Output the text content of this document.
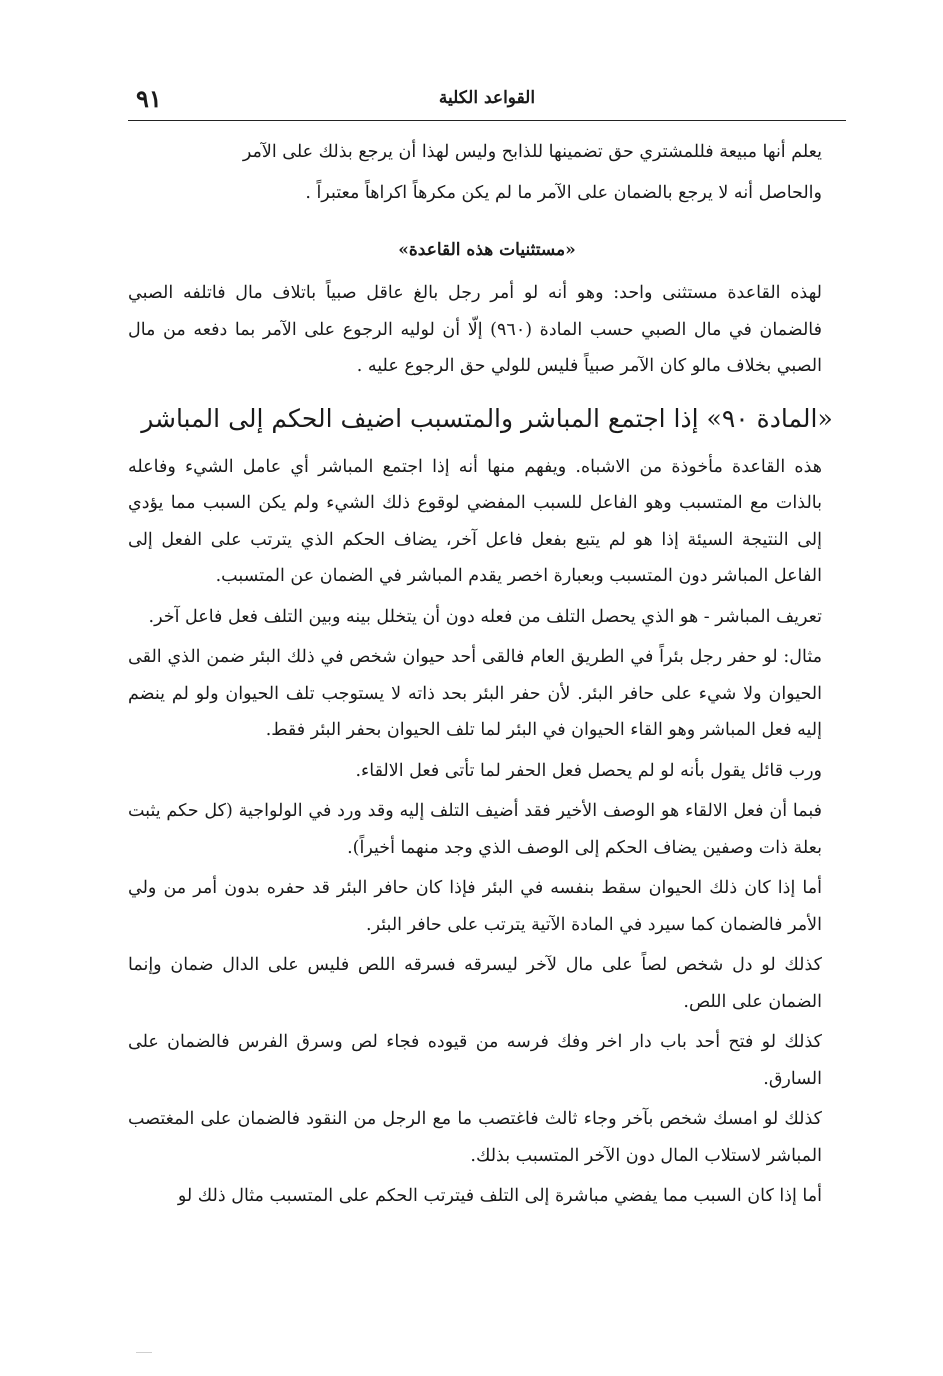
القواعد الكلية
٩١

يعلم أنها مبيعة فللمشتري حق تضمينها للذابح وليس لهذا أن يرجع بذلك على الآمر

والحاصل أنه لا يرجع بالضمان على الآمر ما لم يكن مكرهاً اكراهاً معتبراً .

«مستثنيات هذه القاعدة»

لهذه القاعدة مستثنى واحد: وهو أنه لو أمر رجل بالغ عاقل صبياً باتلاف مال فاتلفه الصبي فالضمان في مال الصبي حسب المادة (٩٦٠) إلّا أن لوليه الرجوع على الآمر بما دفعه من مال الصبي بخلاف مالو كان الآمر صبياً فليس للولي حق الرجوع عليه .

«المادة ٩٠» إذا اجتمع المباشر والمتسبب اضيف الحكم إلى المباشر

هذه القاعدة مأخوذة من الاشباه. ويفهم منها أنه إذا اجتمع المباشر أي عامل الشيء وفاعله بالذات مع المتسبب وهو الفاعل للسبب المفضي لوقوع ذلك الشيء ولم يكن السبب مما يؤدي إلى النتيجة السيئة إذا هو لم يتبع بفعل فاعل آخر، يضاف الحكم الذي يترتب على الفعل إلى الفاعل المباشر دون المتسبب وبعبارة اخصر يقدم المباشر في الضمان عن المتسبب.

تعريف المباشر - هو الذي يحصل التلف من فعله دون أن يتخلل بينه وبين التلف فعل فاعل آخر.

مثال: لو حفر رجل بئراً في الطريق العام فالقى أحد حيوان شخص في ذلك البئر ضمن الذي القى الحيوان ولا شيء على حافر البئر. لأن حفر البئر بحد ذاته لا يستوجب تلف الحيوان ولو لم ينضم إليه فعل المباشر وهو القاء الحيوان في البئر لما تلف الحيوان بحفر البئر فقط.

ورب قائل يقول بأنه لو لم يحصل فعل الحفر لما تأتى فعل الالقاء.

فبما أن فعل الالقاء هو الوصف الأخير فقد أضيف التلف إليه وقد ورد في الولواجية (كل حكم يثبت بعلة ذات وصفين يضاف الحكم إلى الوصف الذي وجد منهما أخيراً).

أما إذا كان ذلك الحيوان سقط بنفسه في البئر فإذا كان حافر البئر قد حفره بدون أمر من ولي الأمر فالضمان كما سيرد في المادة الآتية يترتب على حافر البئر.

كذلك لو دل شخص لصاً على مال لآخر ليسرقه فسرقه اللص فليس على الدال ضمان وإنما الضمان على اللص.

كذلك لو فتح أحد باب دار اخر وفك فرسه من قيوده فجاء لص وسرق الفرس فالضمان على السارق.

كذلك لو امسك شخص بآخر وجاء ثالث فاغتصب ما مع الرجل من النقود فالضمان على المغتصب المباشر لاستلاب المال دون الآخر المتسبب بذلك.

أما إذا كان السبب مما يفضي مباشرة إلى التلف فيترتب الحكم على المتسبب مثال ذلك لو
